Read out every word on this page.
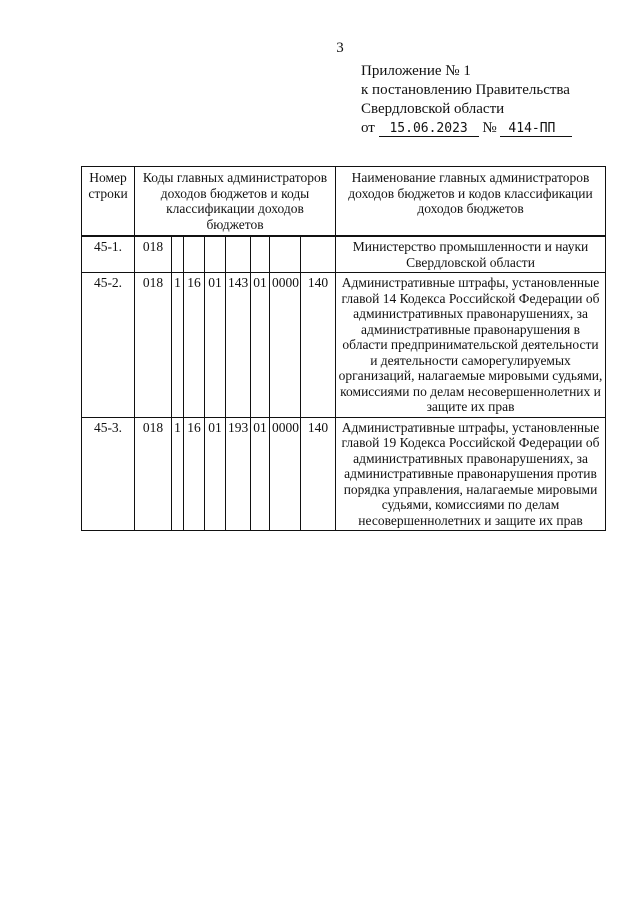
3
Приложение № 1
к постановлению Правительства
Свердловской области
от 15.06.2023 № 414-ПП
Номер строки	Коды главных администраторов доходов бюджетов и коды классификации доходов бюджетов								Наименование главных администраторов доходов бюджетов и кодов классификации доходов бюджетов
45-1.	018								Министерство промышленности и науки Свердловской области
45-2.	018	1	16	01	143	01	0000	140	Административные штрафы, установленные главой 14 Кодекса Российской Федерации об административных правонарушениях, за административные правонарушения в области предпринимательской деятельности и деятельности саморегулируемых организаций, налагаемые мировыми судьями, комиссиями по делам несовершеннолетних и защите их прав
45-3.	018	1	16	01	193	01	0000	140	Административные штрафы, установленные главой 19 Кодекса Российской Федерации об административных правонарушениях, за административные правонарушения против порядка управления, налагаемые мировыми судьями, комиссиями по делам несовершеннолетних и защите их прав
